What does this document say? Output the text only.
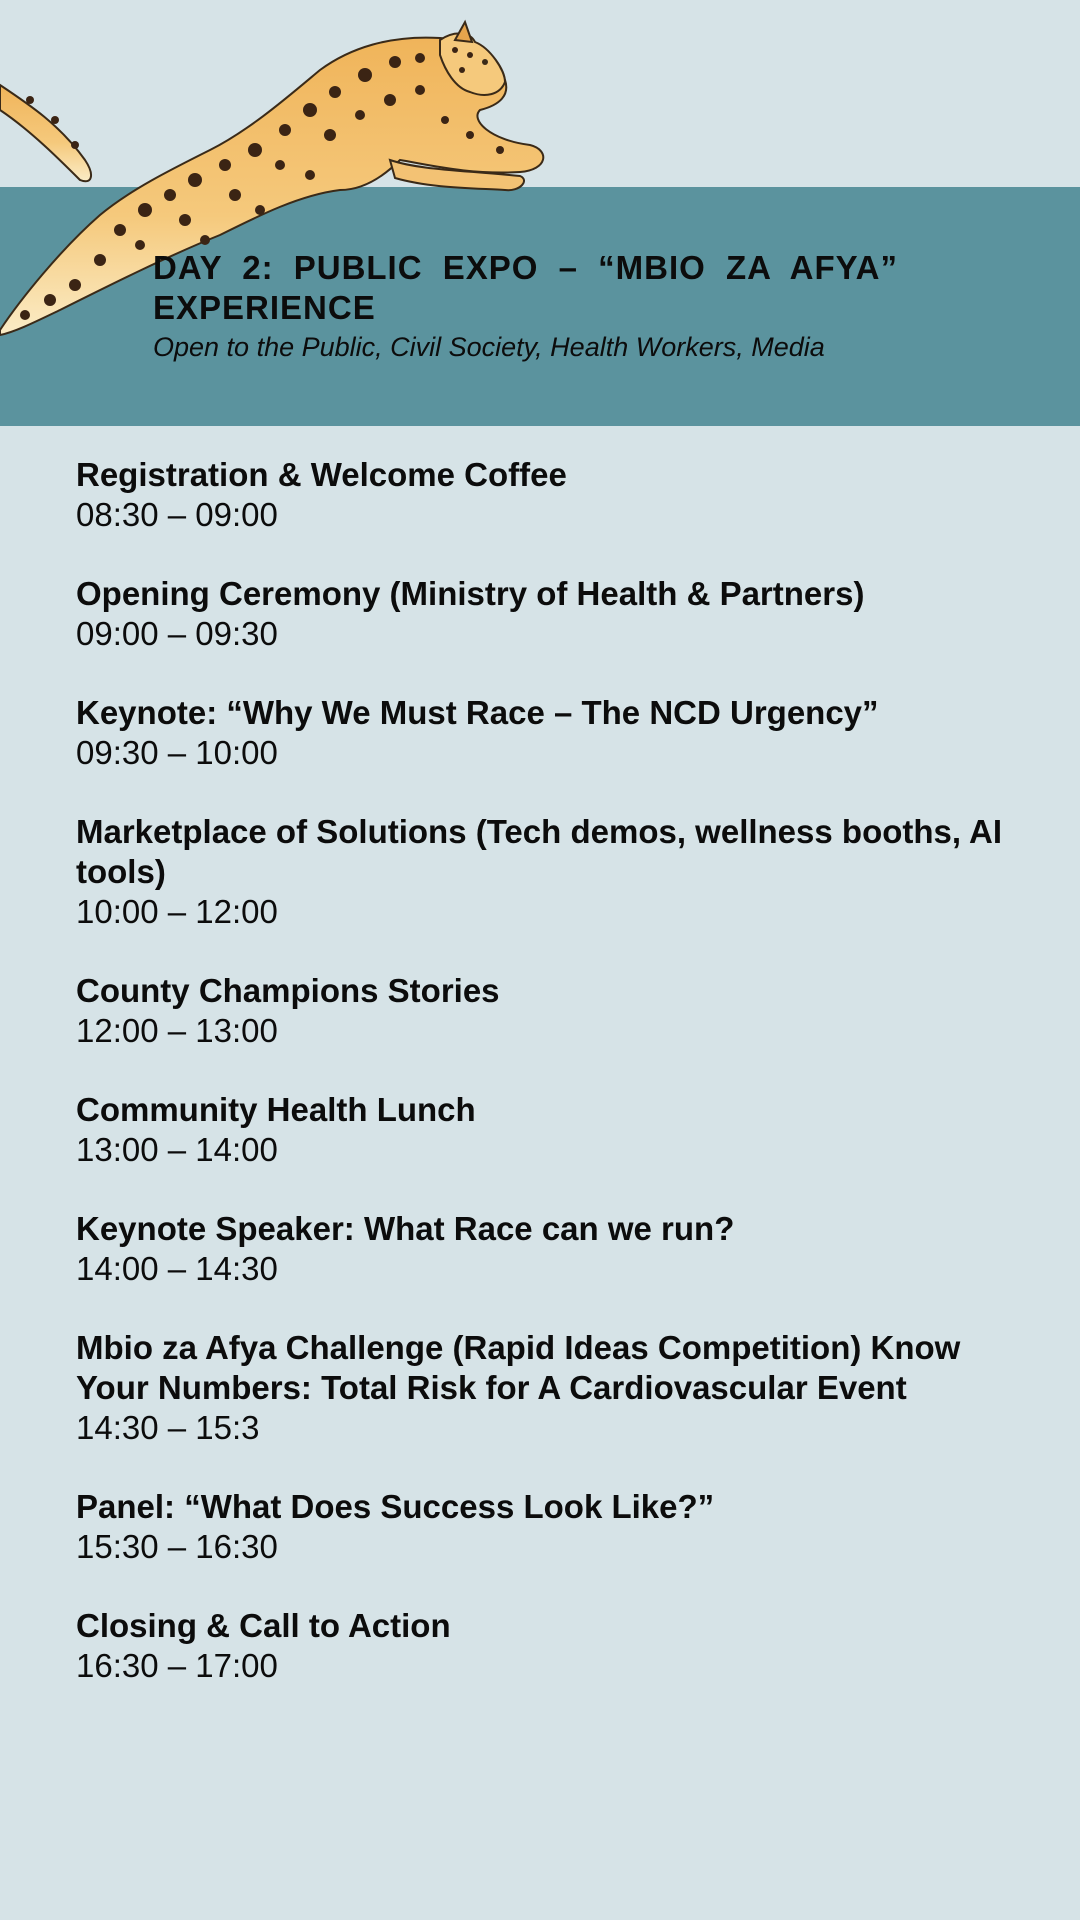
DAY 2: PUBLIC EXPO – “MBIO ZA AFYA” EXPERIENCE

Open to the Public, Civil Society, Health Workers, Media

Registration & Welcome Coffee

08:30 – 09:00

Opening Ceremony (Ministry of Health & Partners)

09:00 – 09:30

Keynote: “Why We Must Race – The NCD Urgency”

09:30 – 10:00

Marketplace of Solutions (Tech demos, wellness booths, AI tools)

10:00 – 12:00

County Champions Stories

12:00 – 13:00

Community Health Lunch

13:00 – 14:00

Keynote Speaker: What Race can we run?

14:00 – 14:30

Mbio za Afya Challenge (Rapid Ideas Competition) Know Your Numbers: Total Risk for A Cardiovascular Event

14:30 – 15:3

Panel: “What Does Success Look Like?”

15:30 – 16:30

Closing & Call to Action

16:30 – 17:00
